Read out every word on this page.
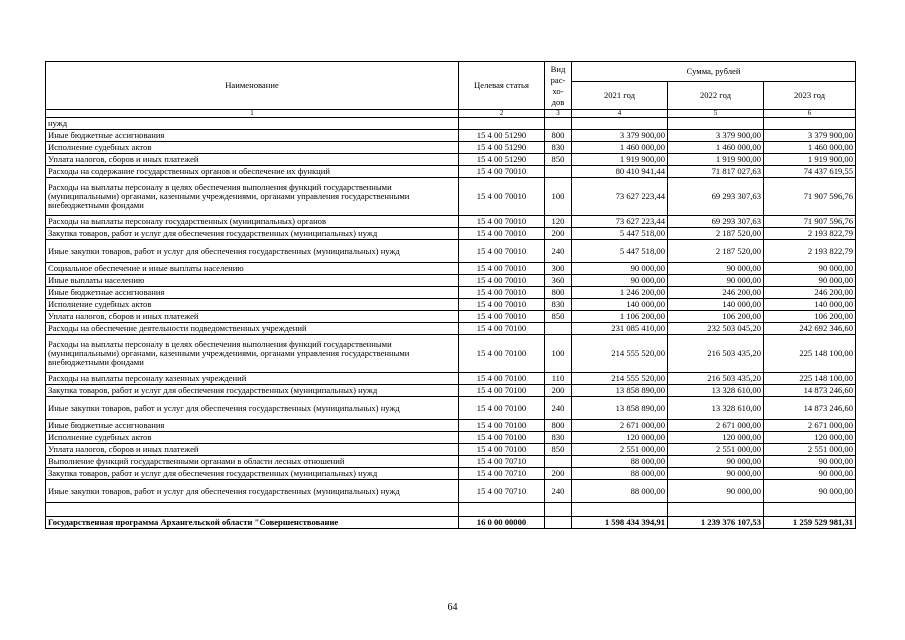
Наименование	Целевая статья	Вид рас-хо-дов	Сумма, рублей		
			2021 год	2022 год	2023 год
1	2	3	4	5	6
нужд					
Иные бюджетные ассигнования	15 4 00 51290	800	3 379 900,00	3 379 900,00	3 379 900,00
Исполнение судебных актов	15 4 00 51290	830	1 460 000,00	1 460 000,00	1 460 000,00
Уплата налогов, сборов и иных платежей	15 4 00 51290	850	1 919 900,00	1 919 900,00	1 919 900,00
Расходы на содержание государственных органов и обеспечение их функций	15 4 00 70010		80 410 941,44	71 817 027,63	74 437 619,55
Расходы на выплаты персоналу в целях обеспечения выполнения функций государственными (муниципальными) органами, казенными учреждениями, органами управления государственными внебюджетными фондами	15 4 00 70010	100	73 627 223,44	69 293 307,63	71 907 596,76
Расходы на выплаты персоналу государственных (муниципальных) органов	15 4 00 70010	120	73 627 223,44	69 293 307,63	71 907 596,76
Закупка товаров, работ и услуг для обеспечения государственных (муниципальных) нужд	15 4 00 70010	200	5 447 518,00	2 187 520,00	2 193 822,79
Иные закупки товаров, работ и услуг для обеспечения государственных (муниципальных) нужд	15 4 00 70010	240	5 447 518,00	2 187 520,00	2 193 822,79
Социальное обеспечение и иные выплаты населению	15 4 00 70010	300	90 000,00	90 000,00	90 000,00
Иные выплаты населению	15 4 00 70010	360	90 000,00	90 000,00	90 000,00
Иные бюджетные ассигнования	15 4 00 70010	800	1 246 200,00	246 200,00	246 200,00
Исполнение судебных актов	15 4 00 70010	830	140 000,00	140 000,00	140 000,00
Уплата налогов, сборов и иных платежей	15 4 00 70010	850	1 106 200,00	106 200,00	106 200,00
Расходы на обеспечение деятельности подведомственных учреждений	15 4 00 70100		231 085 410,00	232 503 045,20	242 692 346,60
Расходы на выплаты персоналу в целях обеспечения выполнения функций государственными (муниципальными) органами, казенными учреждениями, органами управления государственными внебюджетными фондами	15 4 00 70100	100	214 555 520,00	216 503 435,20	225 148 100,00
Расходы на выплаты персоналу казенных учреждений	15 4 00 70100	110	214 555 520,00	216 503 435,20	225 148 100,00
Закупка товаров, работ и услуг для обеспечения государственных (муниципальных) нужд	15 4 00 70100	200	13 858 890,00	13 328 610,00	14 873 246,60
Иные закупки товаров, работ и услуг для обеспечения государственных (муниципальных) нужд	15 4 00 70100	240	13 858 890,00	13 328 610,00	14 873 246,60
Иные бюджетные ассигнования	15 4 00 70100	800	2 671 000,00	2 671 000,00	2 671 000,00
Исполнение судебных актов	15 4 00 70100	830	120 000,00	120 000,00	120 000,00
Уплата налогов, сборов и иных платежей	15 4 00 70100	850	2 551 000,00	2 551 000,00	2 551 000,00
Выполнение функций государственными органами в области лесных отношений	15 4 00 70710		88 000,00	90 000,00	90 000,00
Закупка товаров, работ и услуг для обеспечения государственных (муниципальных) нужд	15 4 00 70710	200	88 000,00	90 000,00	90 000,00
Иные закупки товаров, работ и услуг для обеспечения государственных (муниципальных) нужд	15 4 00 70710	240	88 000,00	90 000,00	90 000,00

Государственная программа Архангельской области "Совершенствование	16 0 00 00000		1 598 434 394,91	1 239 376 107,53	1 259 529 981,31
64
